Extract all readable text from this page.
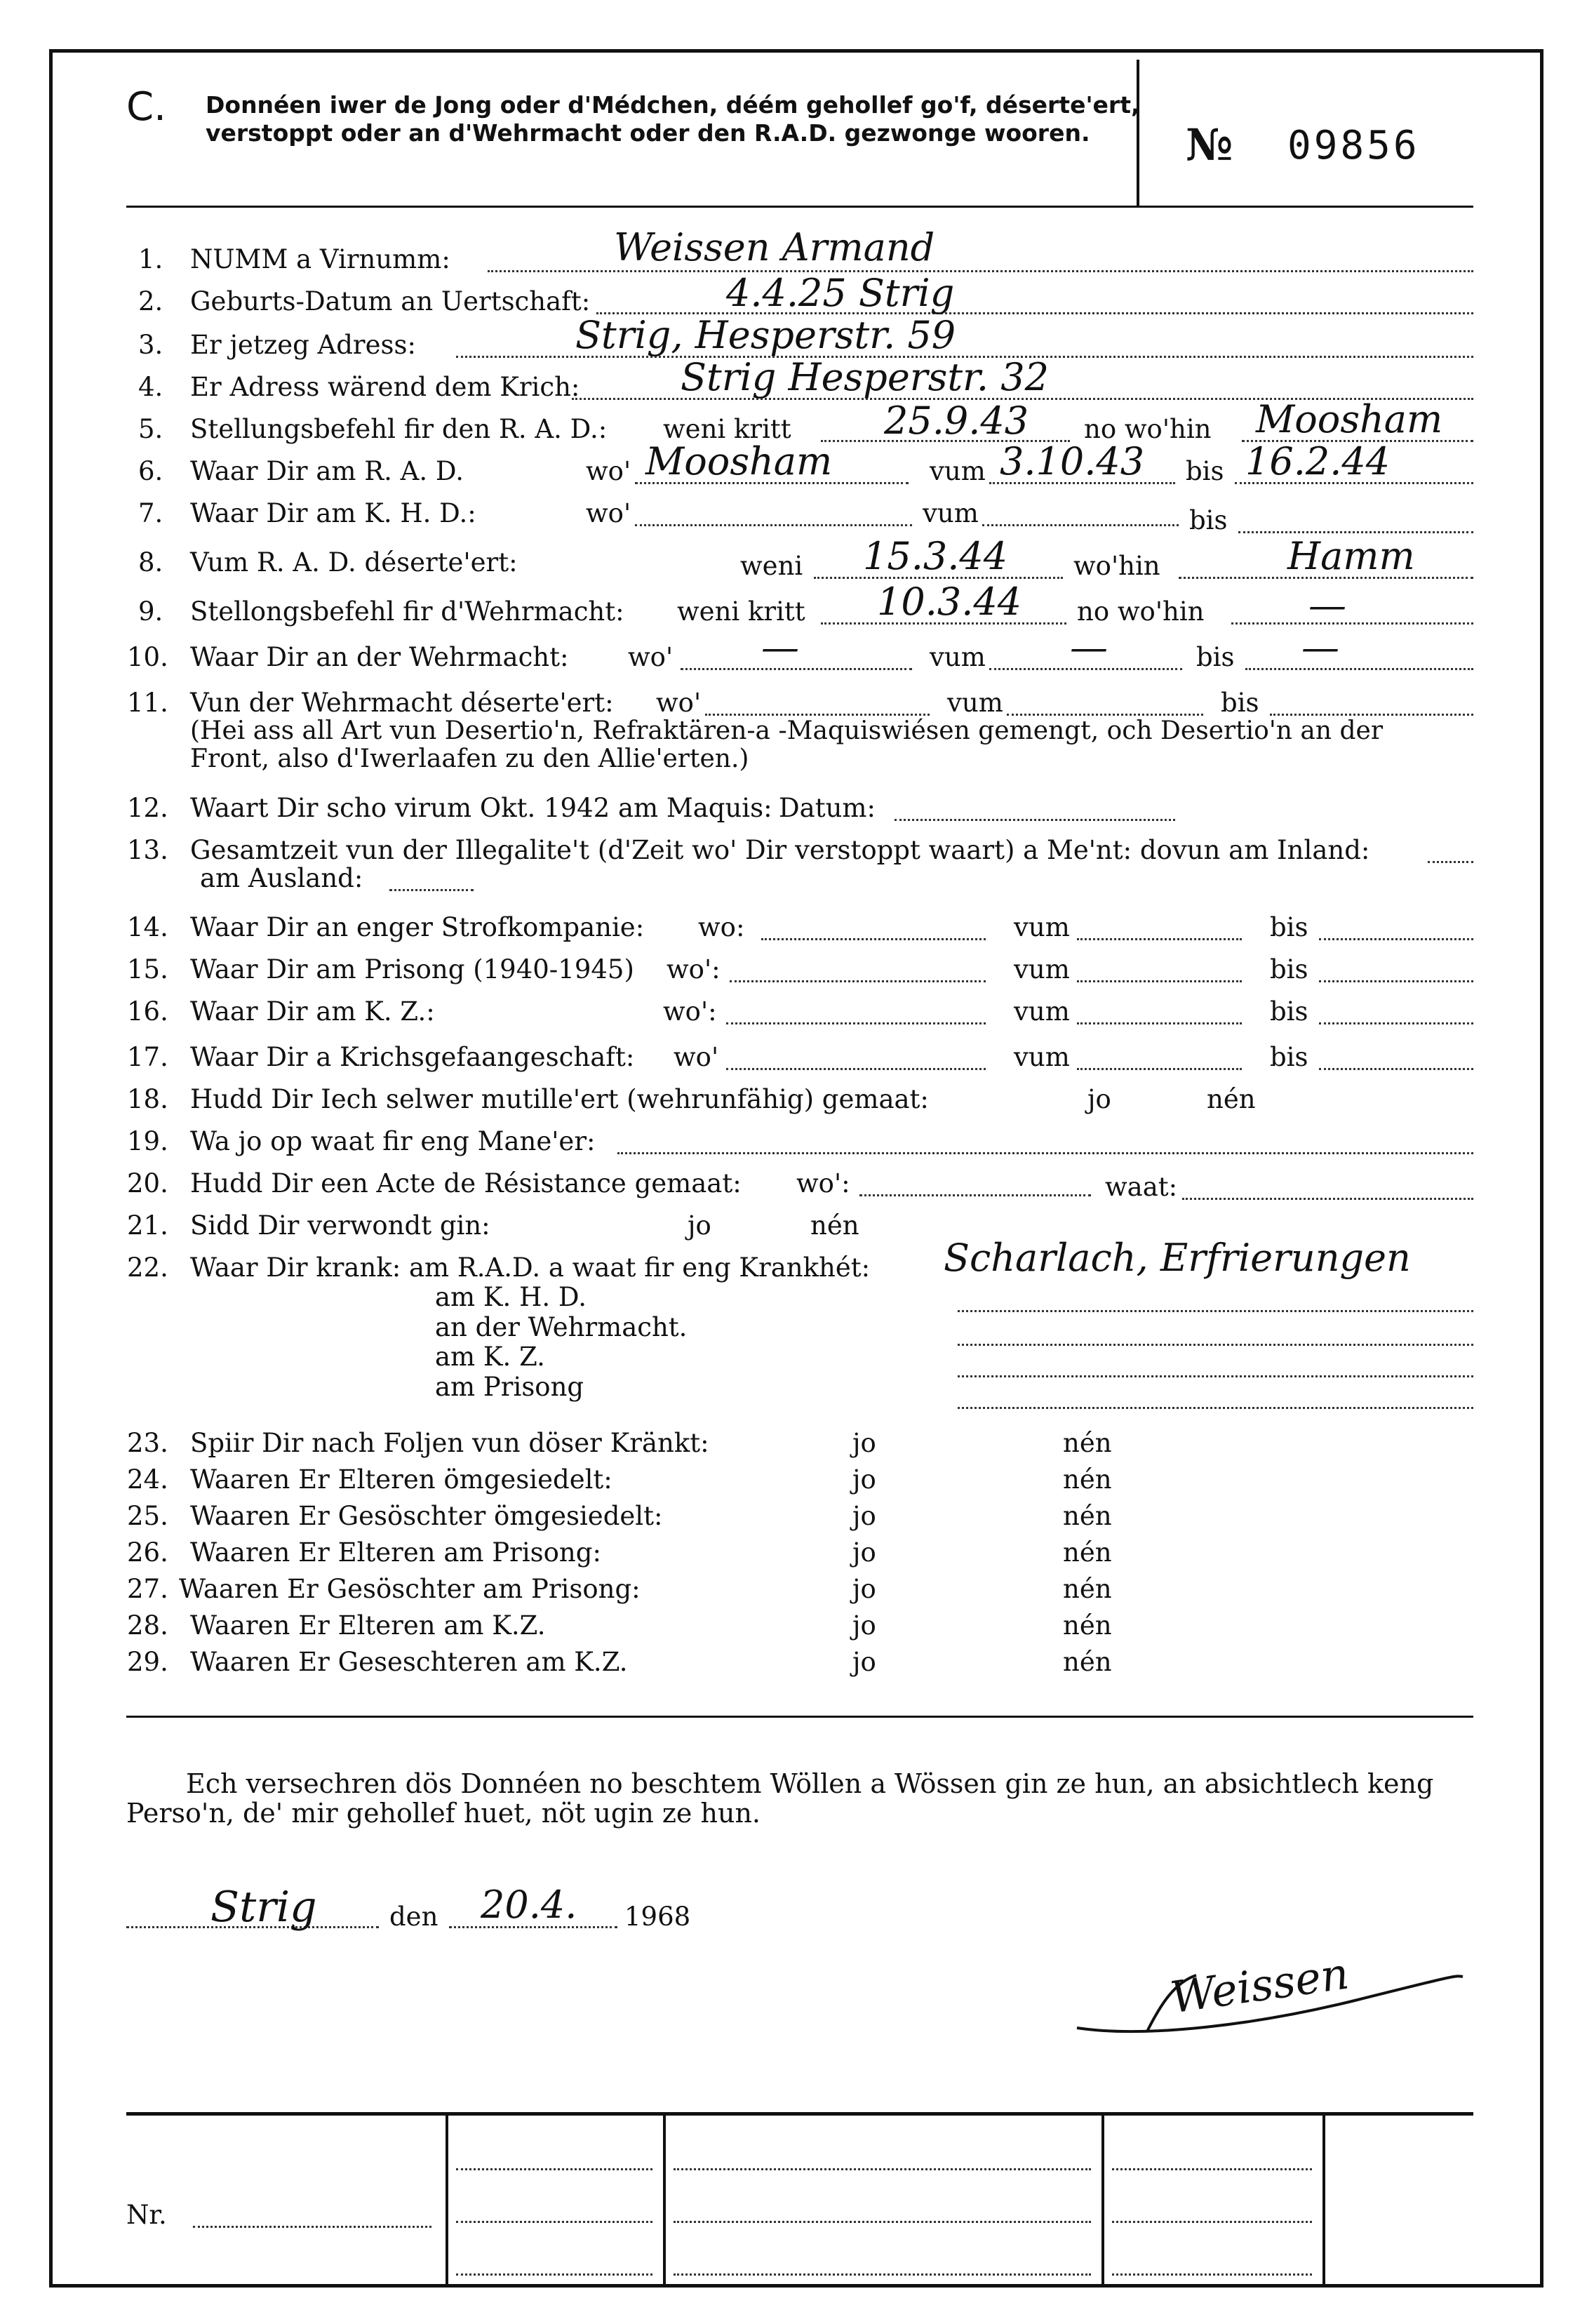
C. Donnéen iwer de Jong oder d'Médchen, déém gehollef go'f, déserte'ert, verstoppt oder an d'Wehrmacht oder den R.A.D. gezwonge wooren.	№ 09856
1. NUMM a Virnumm:	Weissen Armand
2. Geburts-Datum an Uertschaft:	4.4.25 Strig
3. Er jetzeg Adress:	Strig, Hesperstr. 59
4. Er Adress wärend dem Krich:	Strig Hesperstr. 32
5. Stellungsbefehl fir den R. A. D.: weni kritt 25.9.43 no wo'hin Moosham
6. Waar Dir am R. A. D.	wo' Moosham	vum 3.10.43 bis 16.2.44
7. Waar Dir am K. H. D.:	wo'	vum	bis
8. Vum R. A. D. déserte'ert:	weni 15.3.44	wo'hin	Hamm
9. Stellongsbefehl fir d'Wehrmacht: weni kritt 10.3.44 no wo'hin	—
10. Waar Dir an der Wehrmacht: wo' —	vum —	bis —
11. Vun der Wehrmacht déserte'ert: wo'	vum	bis
(Hei ass all Art vun Desertio'n, Refraktären-a -Maquiswiésen gemengt, och Desertio'n an der
Front, also d'Iwerlaafen zu den Allie'erten.)
12. Waart Dir scho virum Okt. 1942 am Maquis: Datum:
13. Gesamtzeit vun der Illegalite't (d'Zeit wo' Dir verstoppt waart) a Me'nt: dovun am Inland:
am Ausland:
14. Waar Dir an enger Strofkompanie: wo:	vum	bis
15. Waar Dir am Prisong (1940-1945) wo':	vum	bis
16. Waar Dir am K. Z.:	wo':	vum	bis
17. Waar Dir a Krichsgefaangeschaft: wo'	vum	bis
18. Hudd Dir Iech selwer mutille'ert (wehrunfähig) gemaat:	jo	nén
19. Wa jo op waat fir eng Mane'er:
20. Hudd Dir een Acte de Résistance gemaat: wo':	waat:
21. Sidd Dir verwondt gin:	jo	nén
22. Waar Dir krank: am R.A.D. a waat fir eng Krankhét: Scharlach, Erfrierungen
am K. H. D.
an der Wehrmacht.
am K. Z.
am Prisong
23. Spiir Dir nach Foljen vun döser Kränkt:	jo	nén
24. Waaren Er Elteren ömgesiedelt:	jo	nén
25. Waaren Er Gesöschter ömgesiedelt:	jo	nén
26. Waaren Er Elteren am Prisong:	jo	nén
27. Waaren Er Gesöschter am Prisong:	jo	nén
28. Waaren Er Elteren am K.Z.	jo	nén
29. Waaren Er Geseschteren am K.Z.	jo	nén
Ech versechren dös Donnéen no beschtem Wöllen a Wössen gin ze hun, an absichtlech keng
Perso'n, de' mir gehollef huet, nöt ugin ze hun.
Strig	den 20.4. 1968
Weissen
Nr.
